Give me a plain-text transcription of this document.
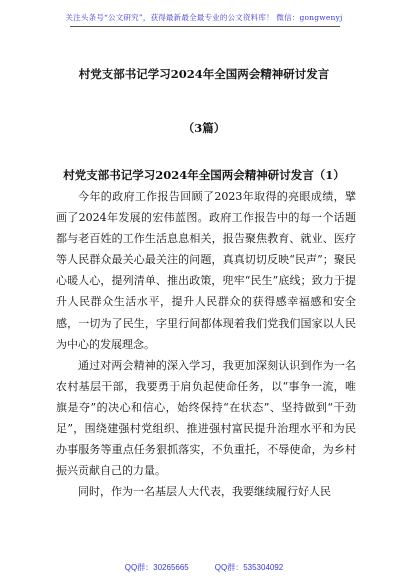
关注头条号“公文研究”，获得最新最全最专业的公文资料库！ 微信：gongwenyj
村党支部书记学习2024年全国两会精神研讨发言
（3篇）
村党支部书记学习2024年全国两会精神研讨发言（1）

今年的政府工作报告回顾了2023年取得的亮眼成绩，擘画了2024年发展的宏伟蓝图。政府工作报告中的每一个话题都与老百姓的工作生活息息相关，报告聚焦教育、就业、医疗等人民群众最关心最关注的问题，真真切切反映“民声”；聚民心暖人心，提列清单、推出政策，兜牢“民生”底线；致力于提升人民群众生活水平，提升人民群众的获得感幸福感和安全感，一切为了民生，字里行间都体现着我们党我们国家以人民为中心的发展理念。

通过对两会精神的深入学习，我更加深刻认识到作为一名农村基层干部，我要勇于肩负起使命任务，以“事争一流，唯旗是夺”的决心和信心，始终保持“在状态”、坚持做到“干劲足”，围绕建强村党组织、推进强村富民提升治理水平和为民办事服务等重点任务狠抓落实，不负重托，不辱使命，为乡村振兴贡献自己的力量。

同时，作为一名基层人大代表，我要继续履行好人民

QQ群：30265665	QQ群：535304092
